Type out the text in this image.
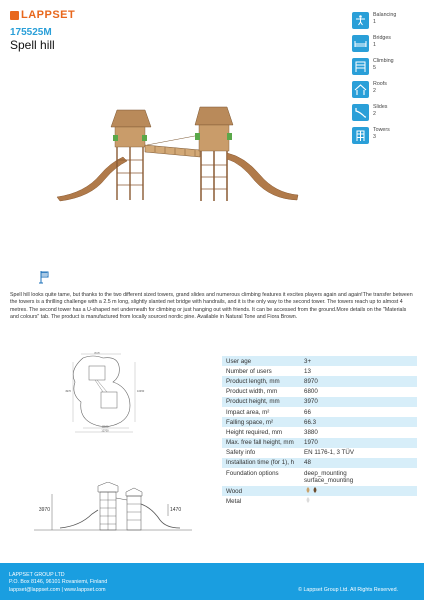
LAPPSET
175525M
Spell hill
Balancing
1
Bridges
1
Climbing
5
Roofs
2
Slides
2
Towers
3
Spell hill looks quite tame, but thanks to the two different sized towers, grand slides and numerous climbing features it excites players again and again!The transfer between the towers is a thrilling challenge with a 2.5 m long, slightly slanted net bridge with handrails, and it is the only way to the second tower. The towers reach up to almost 4 metres. The second tower has a U-shaped net underneath for climbing or just hanging out with friends. It can be accessed from the ground.More details on the "Materials and colours" tab. The product is manufactured from locally sourced nordic pine. Available in Natural Tone and Fiora Brown.
5000
4970	10450
11100
12700
3970	1470
User age	3+
Number of users	13
Product length, mm	8970
Product width, mm	6800
Product height, mm	3970
Impact area, m²	66
Falling space, m²	66.3
Height required, mm	3880
Max. free fall height, mm	1970
Safety info	EN 1176-1, 3 TÜV
Installation time (for 1), h	48
Foundation options	deep_mounting
surface_mounting
Wood
Metal
LAPPSET GROUP LTD
P.O. Box 8146, 96101 Rovaniemi, Finland
lappset@lappset.com | www.lappset.com	© Lappset Group Ltd. All Rights Reserved.
